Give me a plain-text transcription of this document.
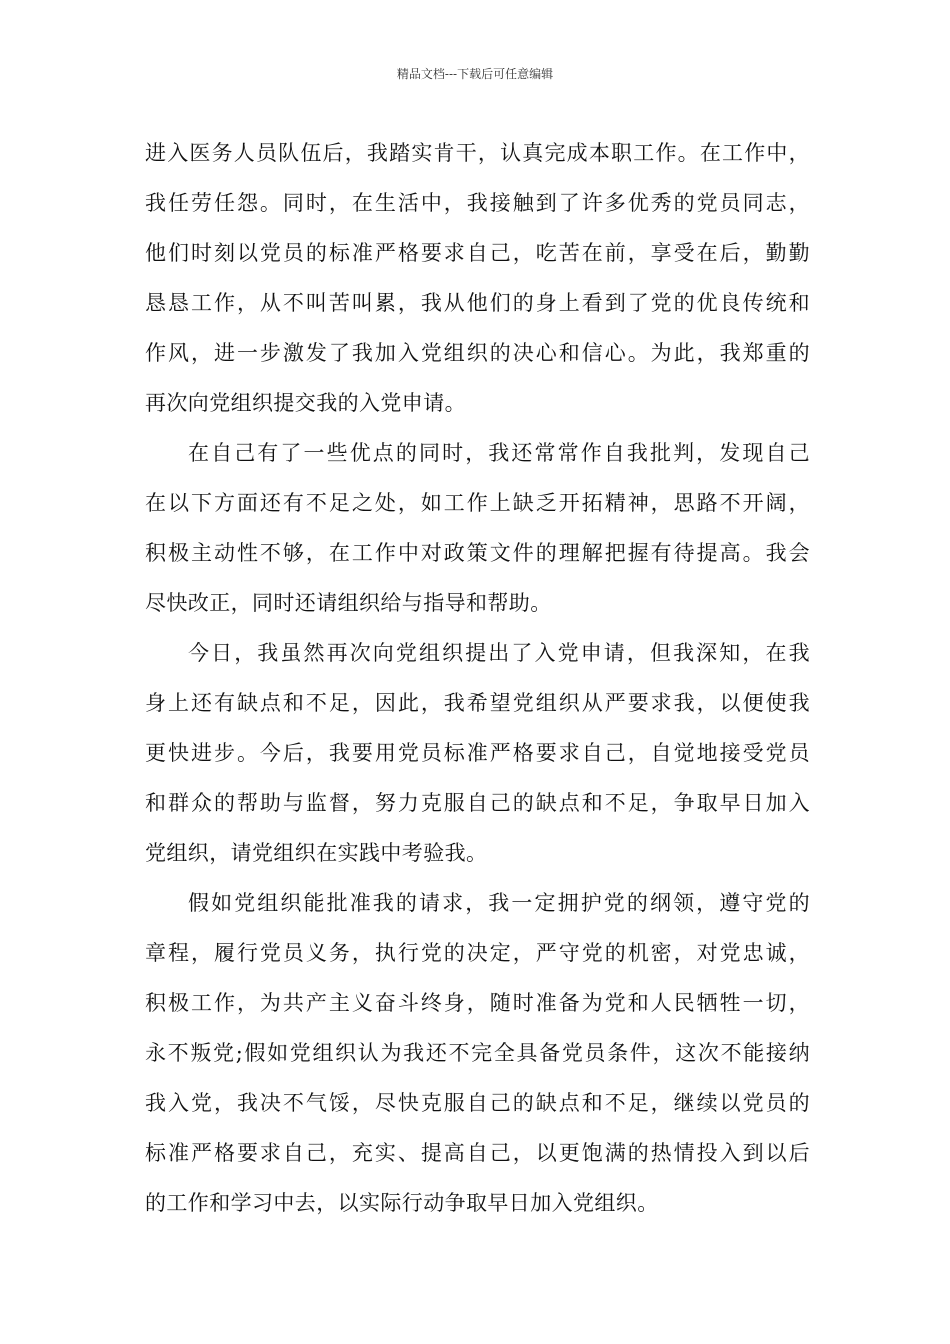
精品文档---下载后可任意编辑
进入医务人员队伍后，我踏实肯干，认真完成本职工作。在工作中，
我任劳任怨。同时，在生活中，我接触到了许多优秀的党员同志，
他们时刻以党员的标准严格要求自己，吃苦在前，享受在后，勤勤
恳恳工作，从不叫苦叫累，我从他们的身上看到了党的优良传统和
作风，进一步激发了我加入党组织的决心和信心。为此，我郑重的
再次向党组织提交我的入党申请。
在自己有了一些优点的同时，我还常常作自我批判，发现自己
在以下方面还有不足之处，如工作上缺乏开拓精神，思路不开阔，
积极主动性不够，在工作中对政策文件的理解把握有待提高。我会
尽快改正，同时还请组织给与指导和帮助。
今日，我虽然再次向党组织提出了入党申请，但我深知，在我
身上还有缺点和不足，因此，我希望党组织从严要求我，以便使我
更快进步。今后，我要用党员标准严格要求自己，自觉地接受党员
和群众的帮助与监督，努力克服自己的缺点和不足，争取早日加入
党组织，请党组织在实践中考验我。
假如党组织能批准我的请求，我一定拥护党的纲领，遵守党的
章程，履行党员义务，执行党的决定，严守党的机密，对党忠诚，
积极工作，为共产主义奋斗终身，随时准备为党和人民牺牲一切，
永不叛党;假如党组织认为我还不完全具备党员条件，这次不能接纳
我入党，我决不气馁，尽快克服自己的缺点和不足，继续以党员的
标准严格要求自己，充实、提高自己，以更饱满的热情投入到以后
的工作和学习中去，以实际行动争取早日加入党组织。
